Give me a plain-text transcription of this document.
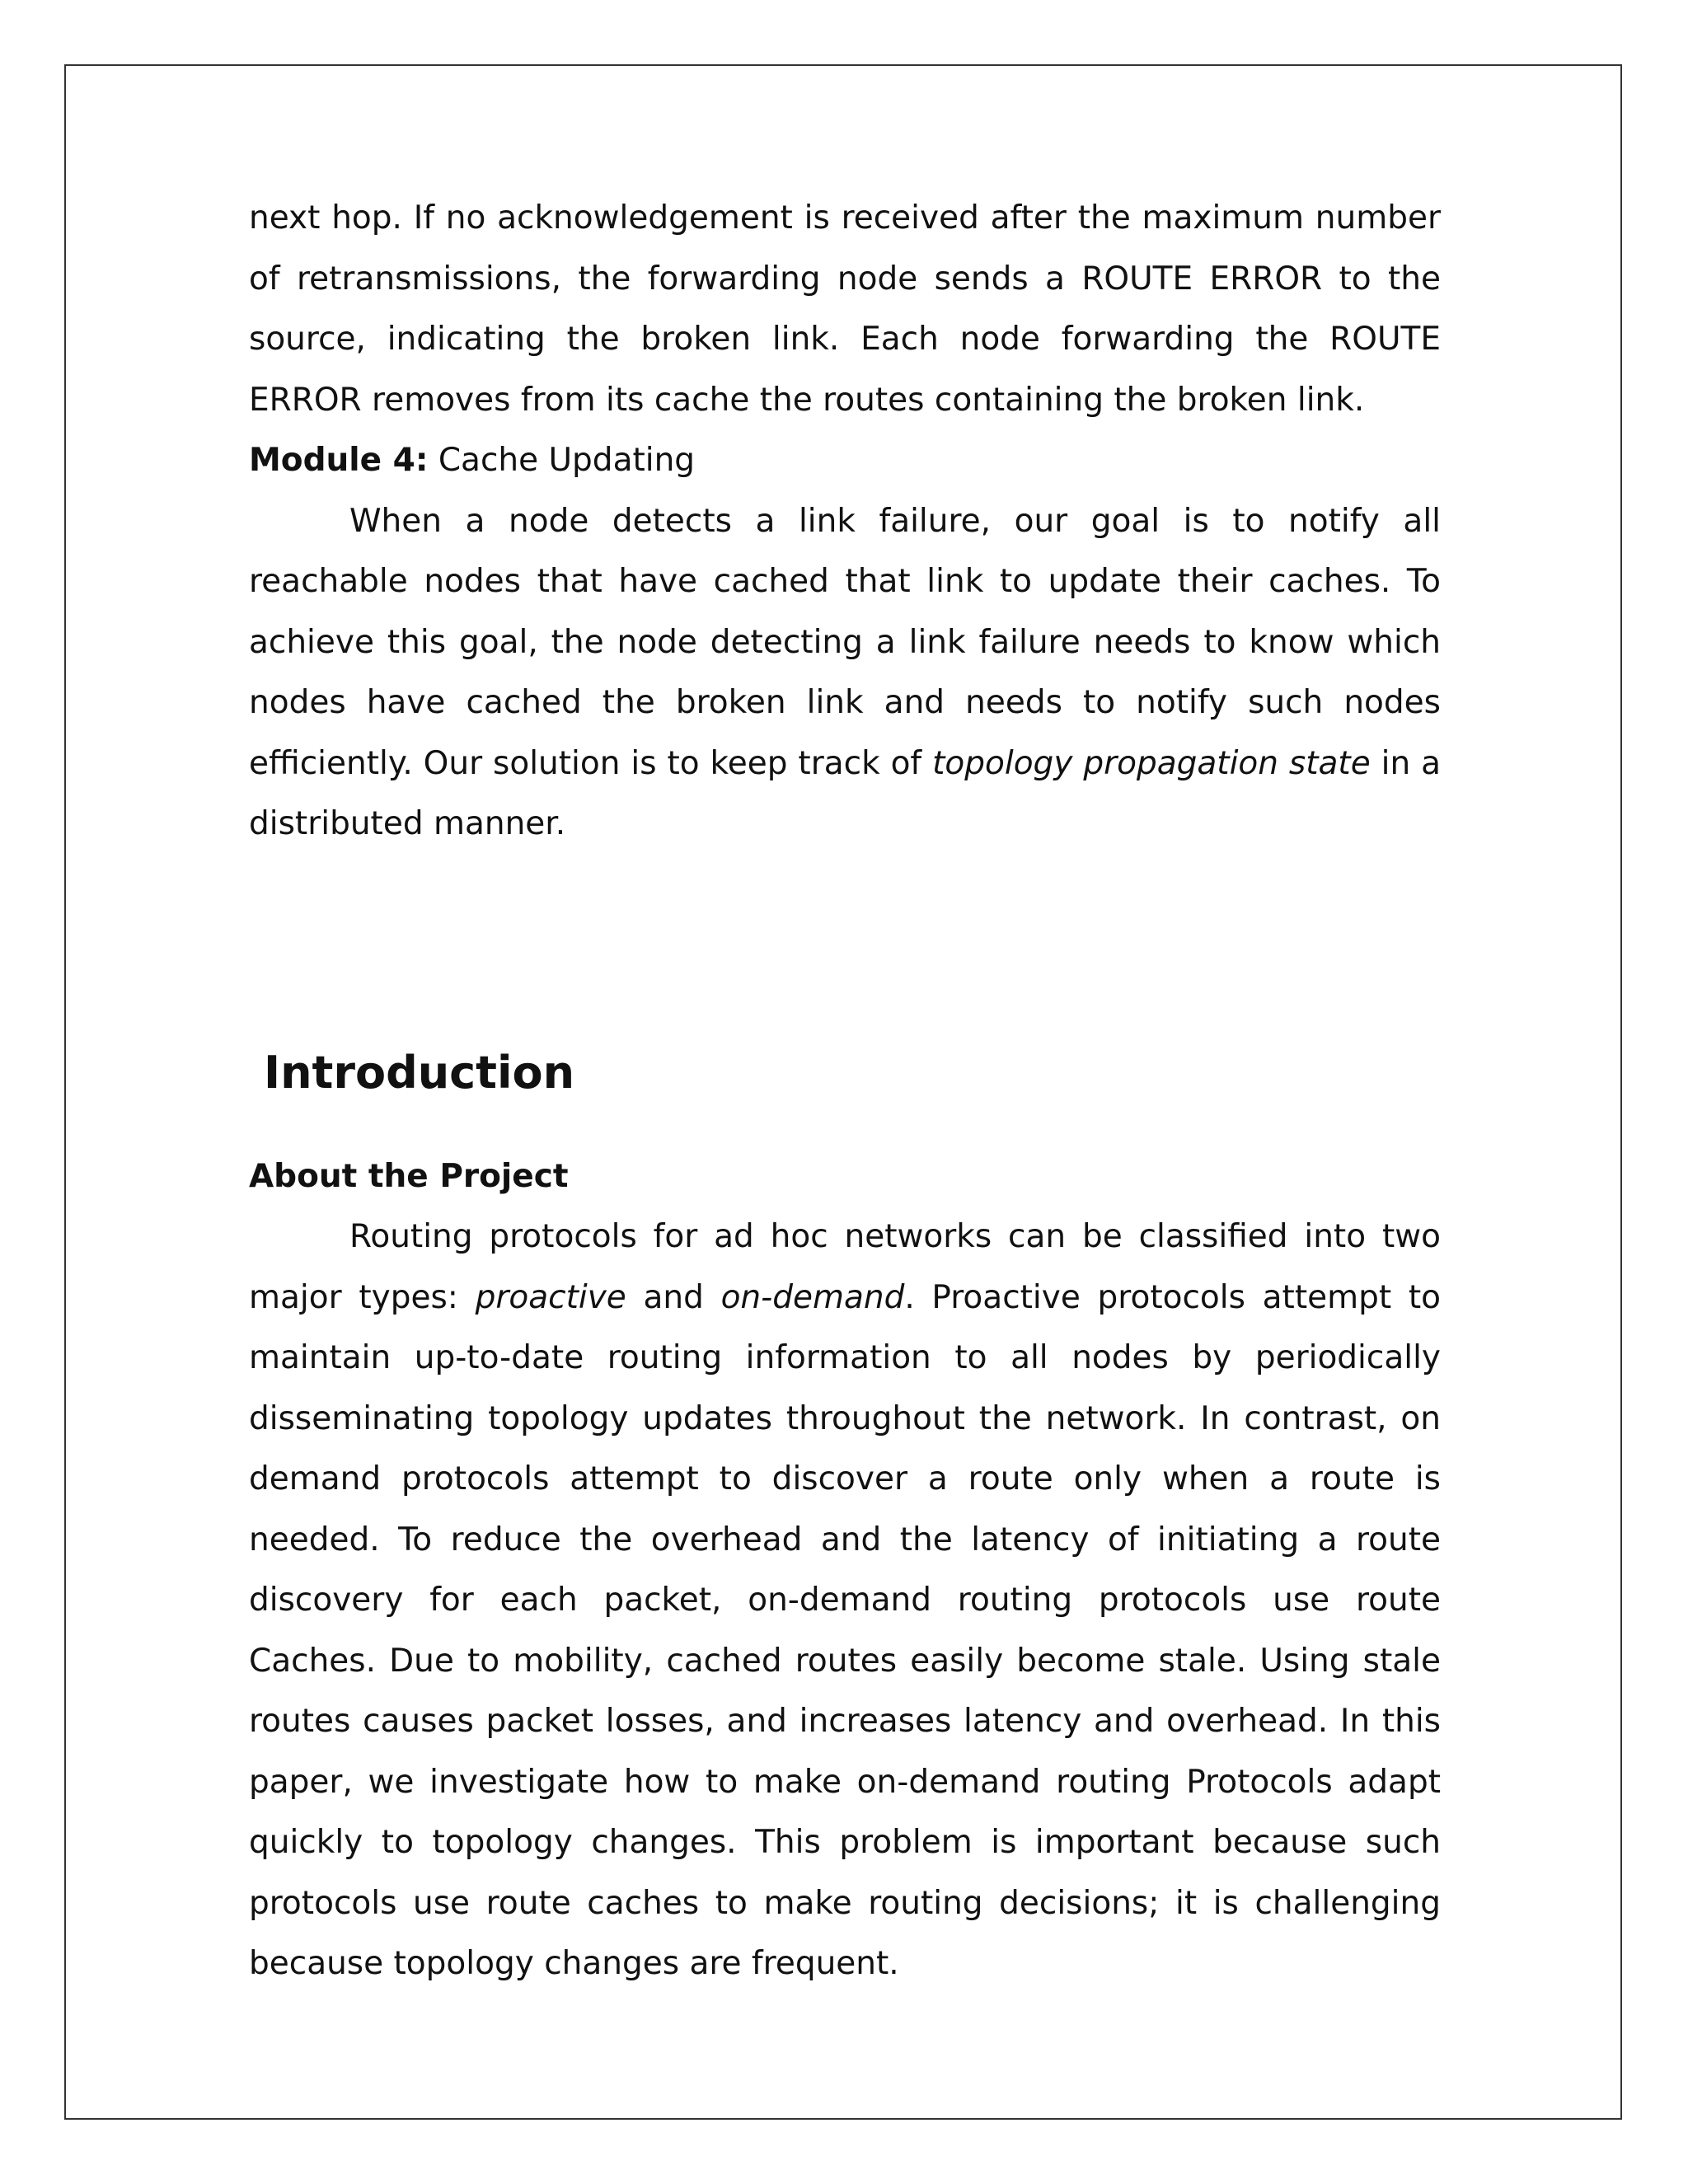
next hop. If no acknowledgement is received after the maximum number of retransmissions, the forwarding node sends a ROUTE ERROR to the source, indicating the broken link. Each node forwarding the ROUTE ERROR removes from its cache the routes containing the broken link.

Module 4: Cache Updating

When a node detects a link failure, our goal is to notify all reachable nodes that have cached that link to update their caches. To achieve this goal, the node detecting a link failure needs to know which nodes have cached the broken link and needs to notify such nodes efficiently. Our solution is to keep track of topology propagation state in a distributed manner.

Introduction
About the Project

Routing protocols for ad hoc networks can be classified into two major types: proactive and on-demand. Proactive protocols attempt to maintain up-to-date routing information to all nodes by periodically disseminating topology updates throughout the network. In contrast, on demand protocols attempt to discover a route only when a route is needed. To reduce the overhead and the latency of initiating a route discovery for each packet, on-demand routing protocols use route Caches. Due to mobility, cached routes easily become stale. Using stale routes causes packet losses, and increases latency and overhead. In this paper, we investigate how to make on-demand routing Protocols adapt quickly to topology changes. This problem is important because such protocols use route caches to make routing decisions; it is challenging because topology changes are frequent.
